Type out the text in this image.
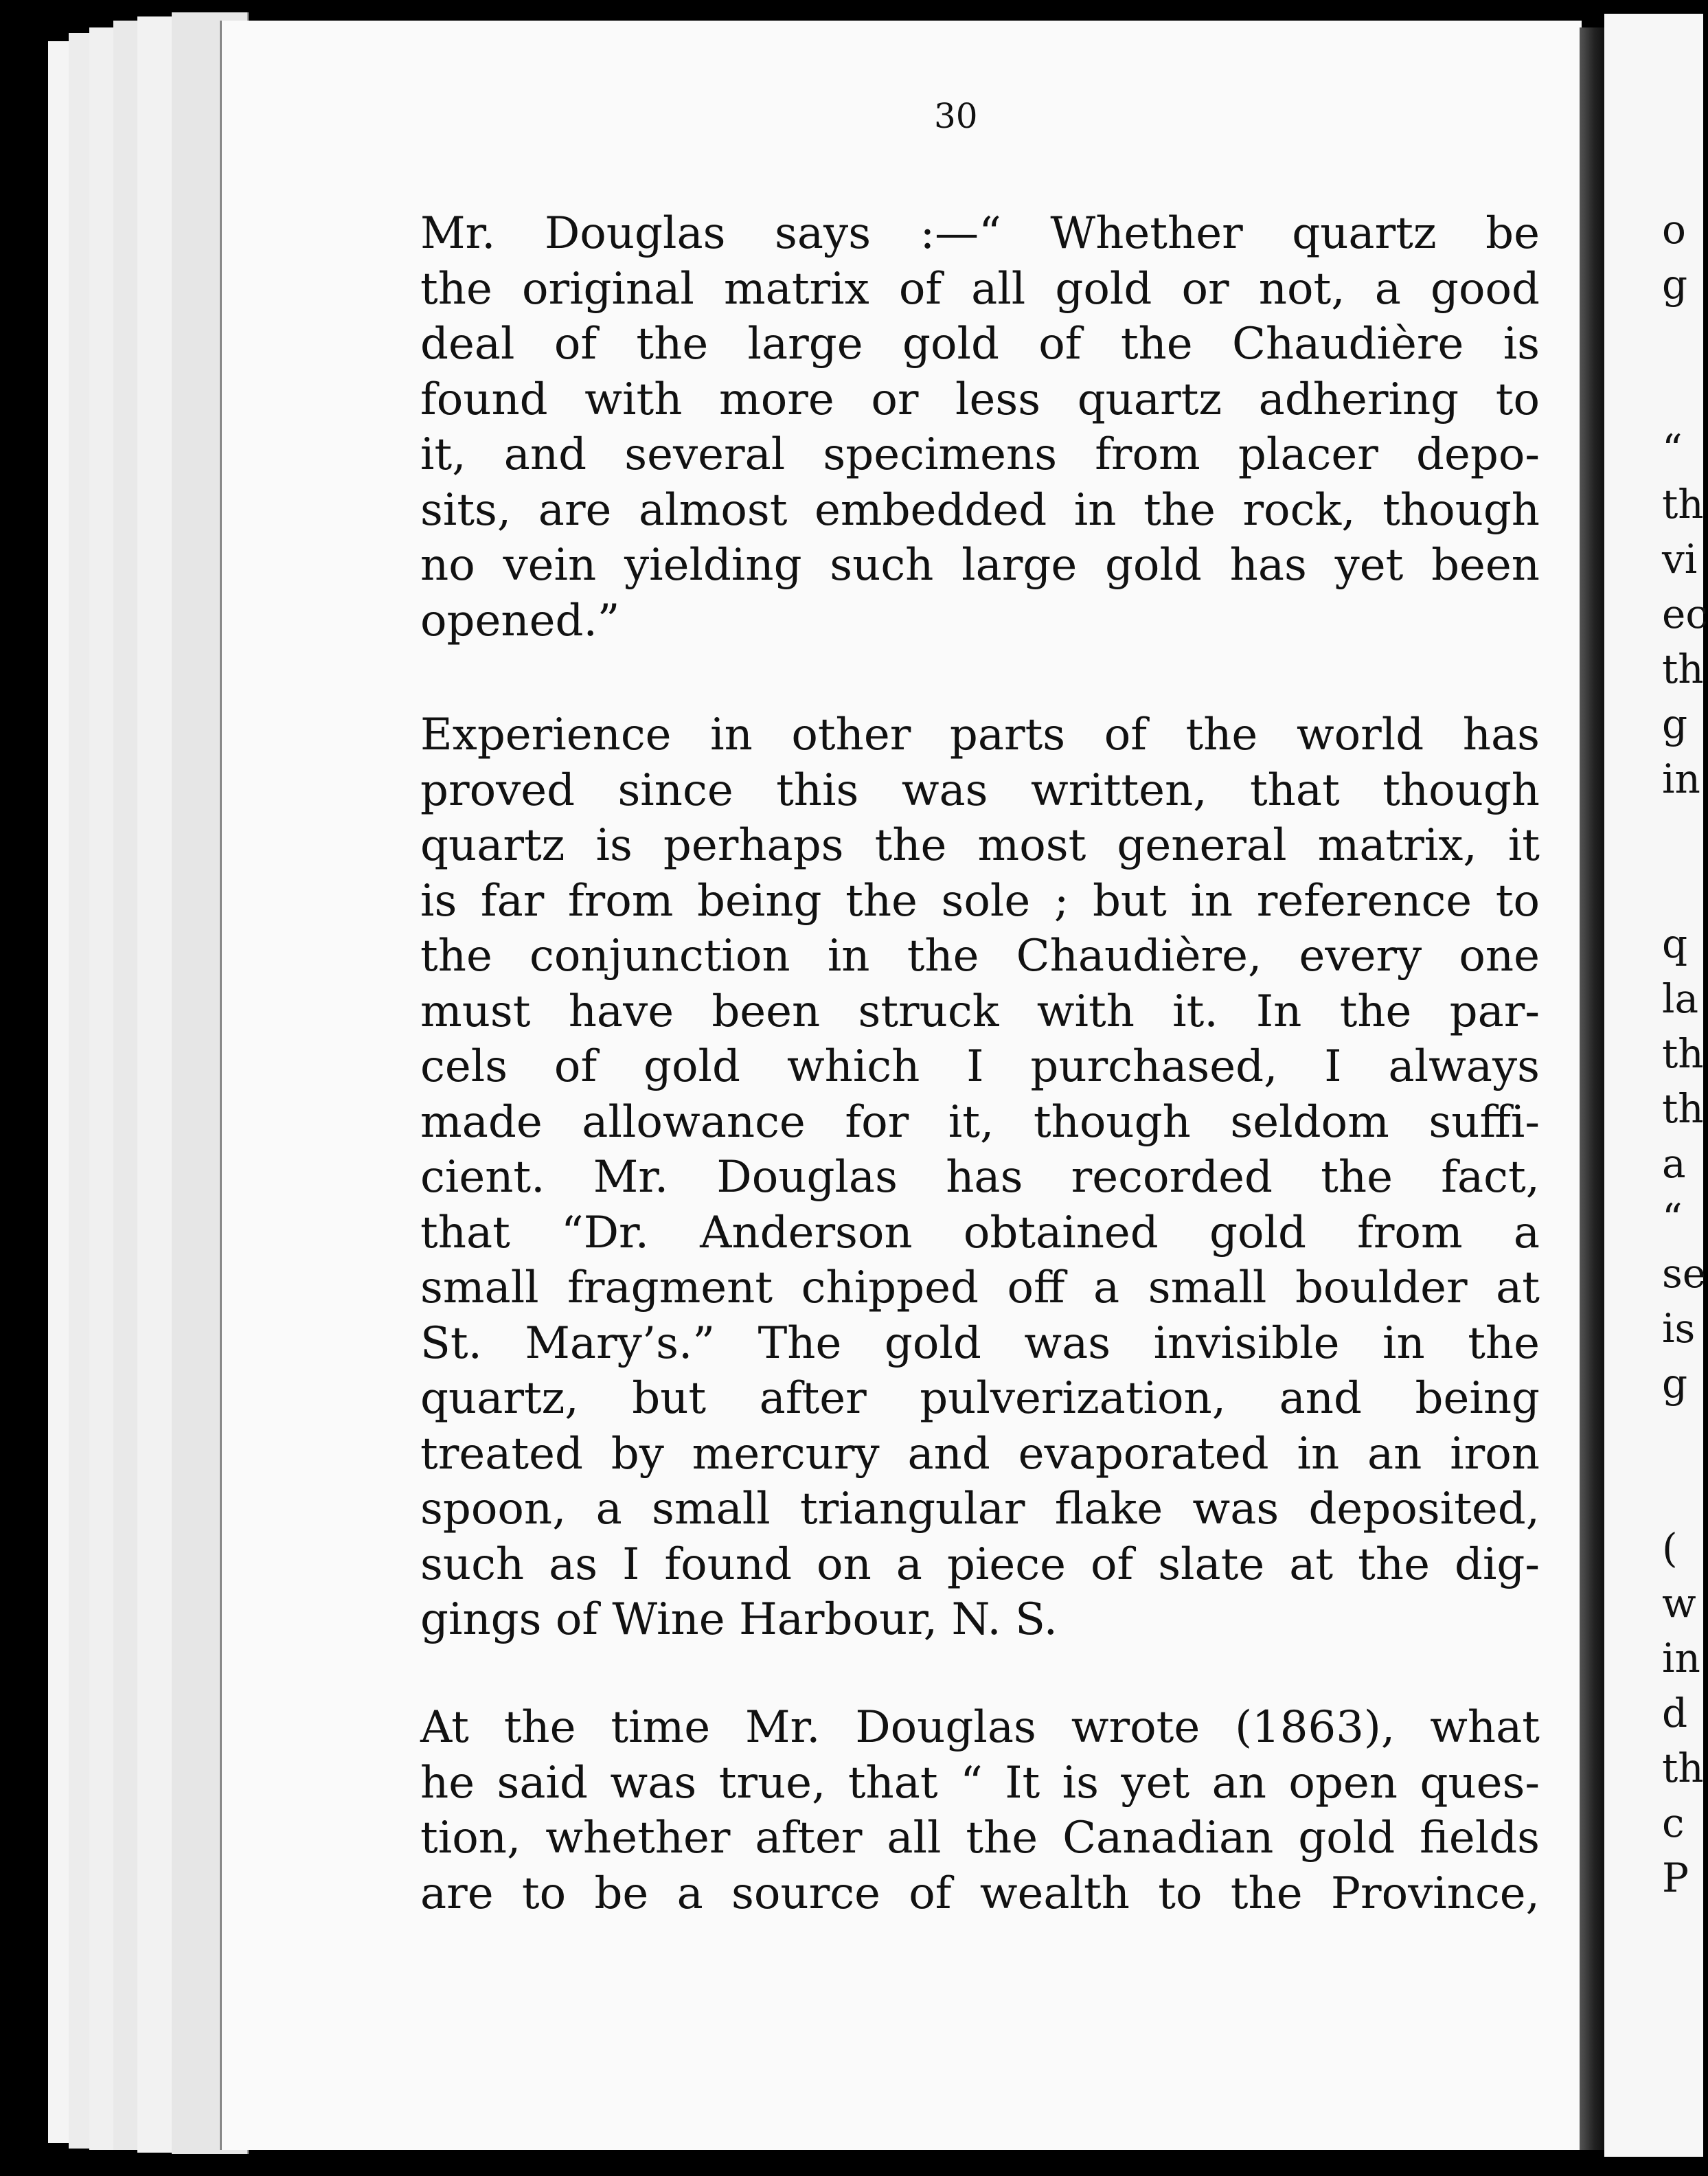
30
Mr. Douglas says :—“ Whether quartz be
the original matrix of all gold or not, a good
deal of the large gold of the Chaudière is
found with more or less quartz adhering to
it, and several specimens from placer depo-
sits, are almost embedded in the rock, though
no vein yielding such large gold has yet been
opened.”
Experience in other parts of the world has
proved since this was written, that though
quartz is perhaps the most general matrix, it
is far from being the sole ; but in reference to
the conjunction in the Chaudière, every one
must have been struck with it. In the par-
cels of gold which I purchased, I always
made allowance for it, though seldom suffi-
cient. Mr. Douglas has recorded the fact,
that “Dr. Anderson obtained gold from a
small fragment chipped off a small boulder at
St. Mary’s.” The gold was invisible in the
quartz, but after pulverization, and being
treated by mercury and evaporated in an iron
spoon, a small triangular flake was deposited,
such as I found on a piece of slate at the dig-
gings of Wine Harbour, N. S.
At the time Mr. Douglas wrote (1863), what
he said was true, that “ It is yet an open ques-
tion, whether after all the Canadian gold fields
are to be a source of wealth to the Province,
o
g
“
th
vi
ec
th
g
in
q
la
th
th
a
“
se
is
g
(
w
in
d
th
c
P
